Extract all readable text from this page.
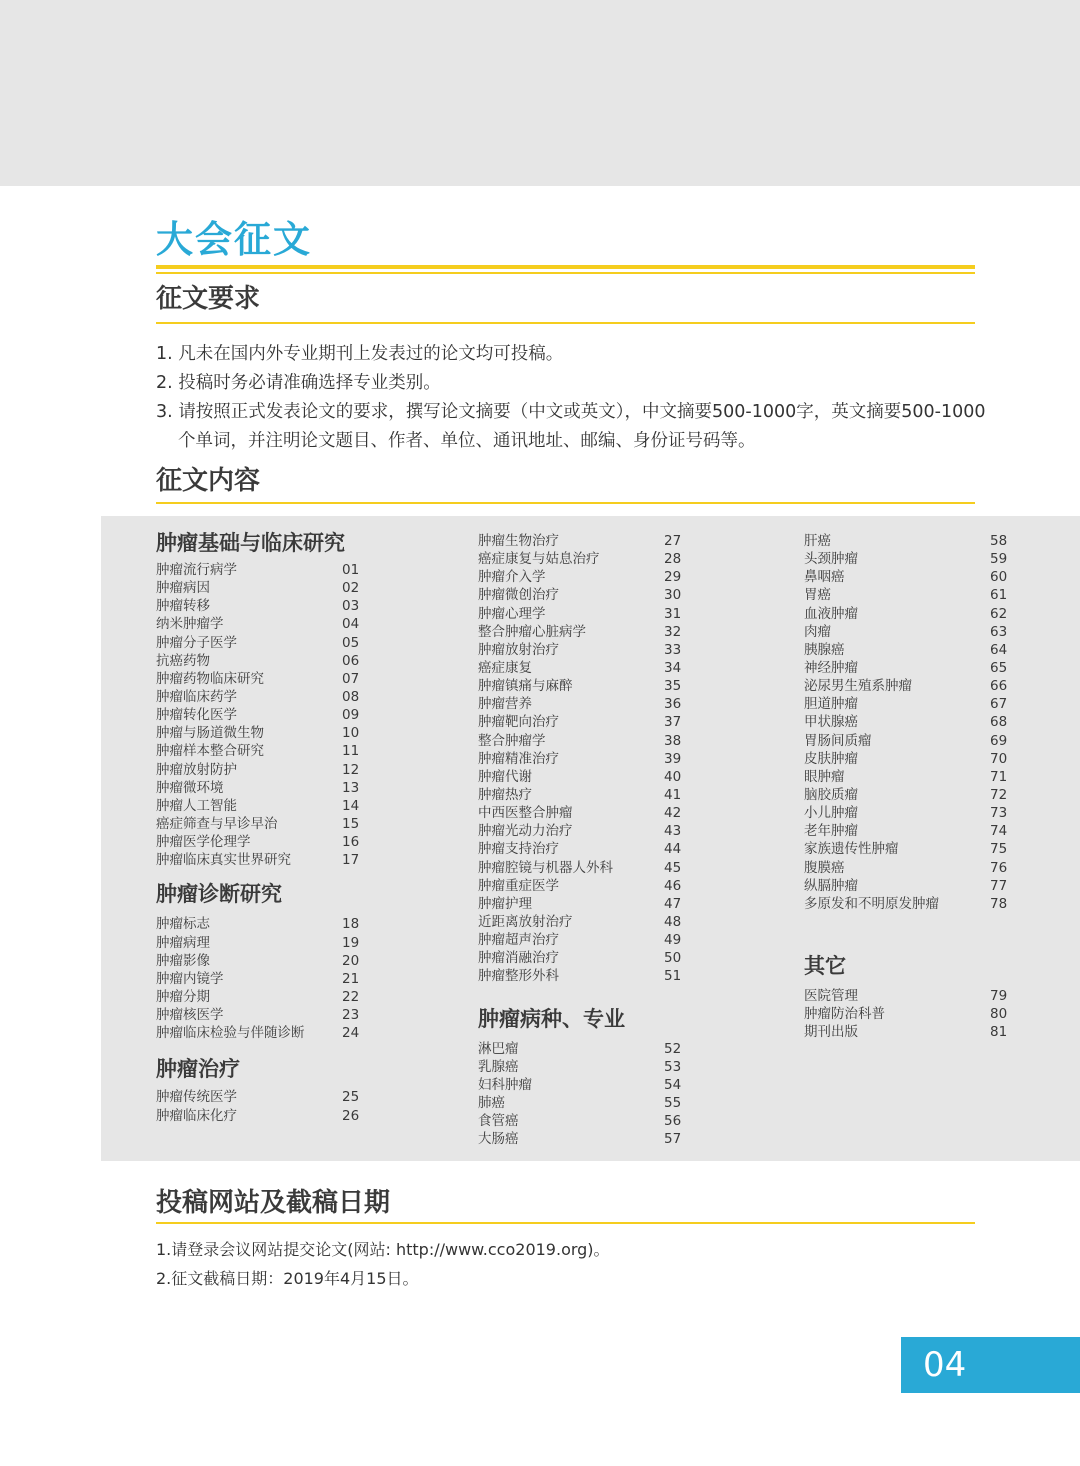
大会征文
征文要求
1. 凡未在国内外专业期刊上发表过的论文均可投稿。
2. 投稿时务必请准确选择专业类别。
3. 请按照正式发表论文的要求，撰写论文摘要（中文或英文），中文摘要500-1000字，英文摘要500-1000个单词，并注明论文题目、作者、单位、通讯地址、邮编、身份证号码等。
征文内容
肿瘤基础与临床研究
肿瘤流行病学	01
肿瘤病因	02
肿瘤转移	03
纳米肿瘤学	04
肿瘤分子医学	05
抗癌药物	06
肿瘤药物临床研究	07
肿瘤临床药学	08
肿瘤转化医学	09
肿瘤与肠道微生物	10
肿瘤样本整合研究	11
肿瘤放射防护	12
肿瘤微环境	13
肿瘤人工智能	14
癌症筛查与早诊早治	15
肿瘤医学伦理学	16
肿瘤临床真实世界研究	17
肿瘤诊断研究
肿瘤标志	18
肿瘤病理	19
肿瘤影像	20
肿瘤内镜学	21
肿瘤分期	22
肿瘤核医学	23
肿瘤临床检验与伴随诊断	24
肿瘤治疗
肿瘤传统医学	25
肿瘤临床化疗	26
肿瘤生物治疗	27
癌症康复与姑息治疗	28
肿瘤介入学	29
肿瘤微创治疗	30
肿瘤心理学	31
整合肿瘤心脏病学	32
肿瘤放射治疗	33
癌症康复	34
肿瘤镇痛与麻醉	35
肿瘤营养	36
肿瘤靶向治疗	37
整合肿瘤学	38
肿瘤精准治疗	39
肿瘤代谢	40
肿瘤热疗	41
中西医整合肿瘤	42
肿瘤光动力治疗	43
肿瘤支持治疗	44
肿瘤腔镜与机器人外科	45
肿瘤重症医学	46
肿瘤护理	47
近距离放射治疗	48
肿瘤超声治疗	49
肿瘤消融治疗	50
肿瘤整形外科	51
肿瘤病种、专业
淋巴瘤	52
乳腺癌	53
妇科肿瘤	54
肺癌	55
食管癌	56
大肠癌	57
肝癌	58
头颈肿瘤	59
鼻咽癌	60
胃癌	61
血液肿瘤	62
肉瘤	63
胰腺癌	64
神经肿瘤	65
泌尿男生殖系肿瘤	66
胆道肿瘤	67
甲状腺癌	68
胃肠间质瘤	69
皮肤肿瘤	70
眼肿瘤	71
脑胶质瘤	72
小儿肿瘤	73
老年肿瘤	74
家族遗传性肿瘤	75
腹膜癌	76
纵膈肿瘤	77
多原发和不明原发肿瘤	78
其它
医院管理	79
肿瘤防治科普	80
期刊出版	81
投稿网站及截稿日期
1.请登录会议网站提交论文(网站: http://www.cco2019.org)。
2.征文截稿日期：2019年4月15日。
04
